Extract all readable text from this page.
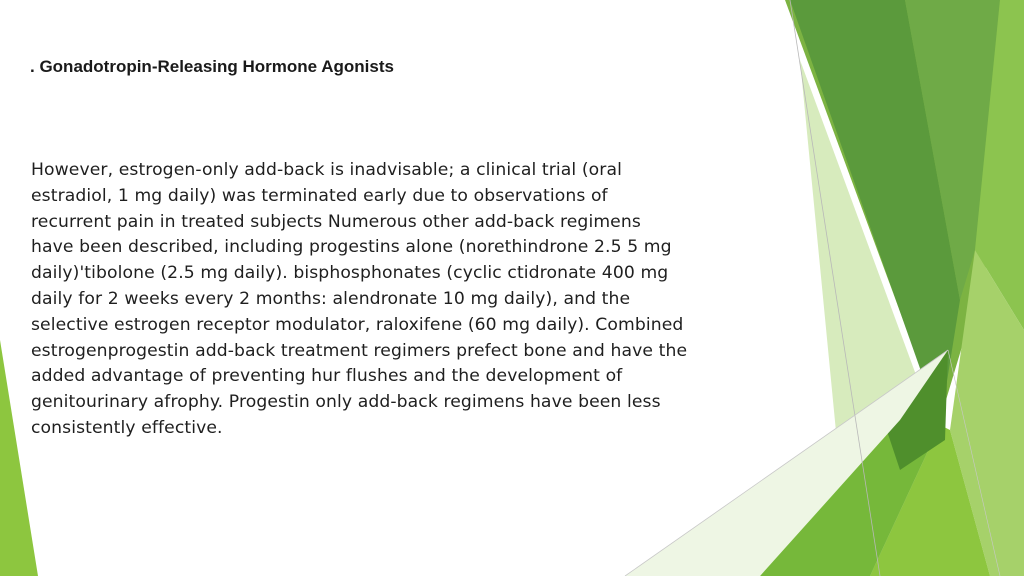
. Gonadotropin-Releasing Hormone Agonists
However, estrogen-only add-back is inadvisable; a clinical trial (oral
estradiol, 1 mg daily) was terminated early due to observations of
recurrent pain in treated subjects Numerous other add-back regimens
have been described, including progestins alone (norethindrone 2.5 5 mg
daily)'tibolone (2.5 mg daily). bisphosphonates (cyclic ctidronate 400 mg
daily for 2 weeks every 2 months: alendronate 10 mg daily), and the
selective estrogen receptor modulator, raloxifene (60 mg daily). Combined
estrogenprogestin add-back treatment regimers prefect bone and have the
added advantage of preventing hur flushes and the development of
genitourinary afrophy. Progestin only add-back regimens have been less
consistently effective.
